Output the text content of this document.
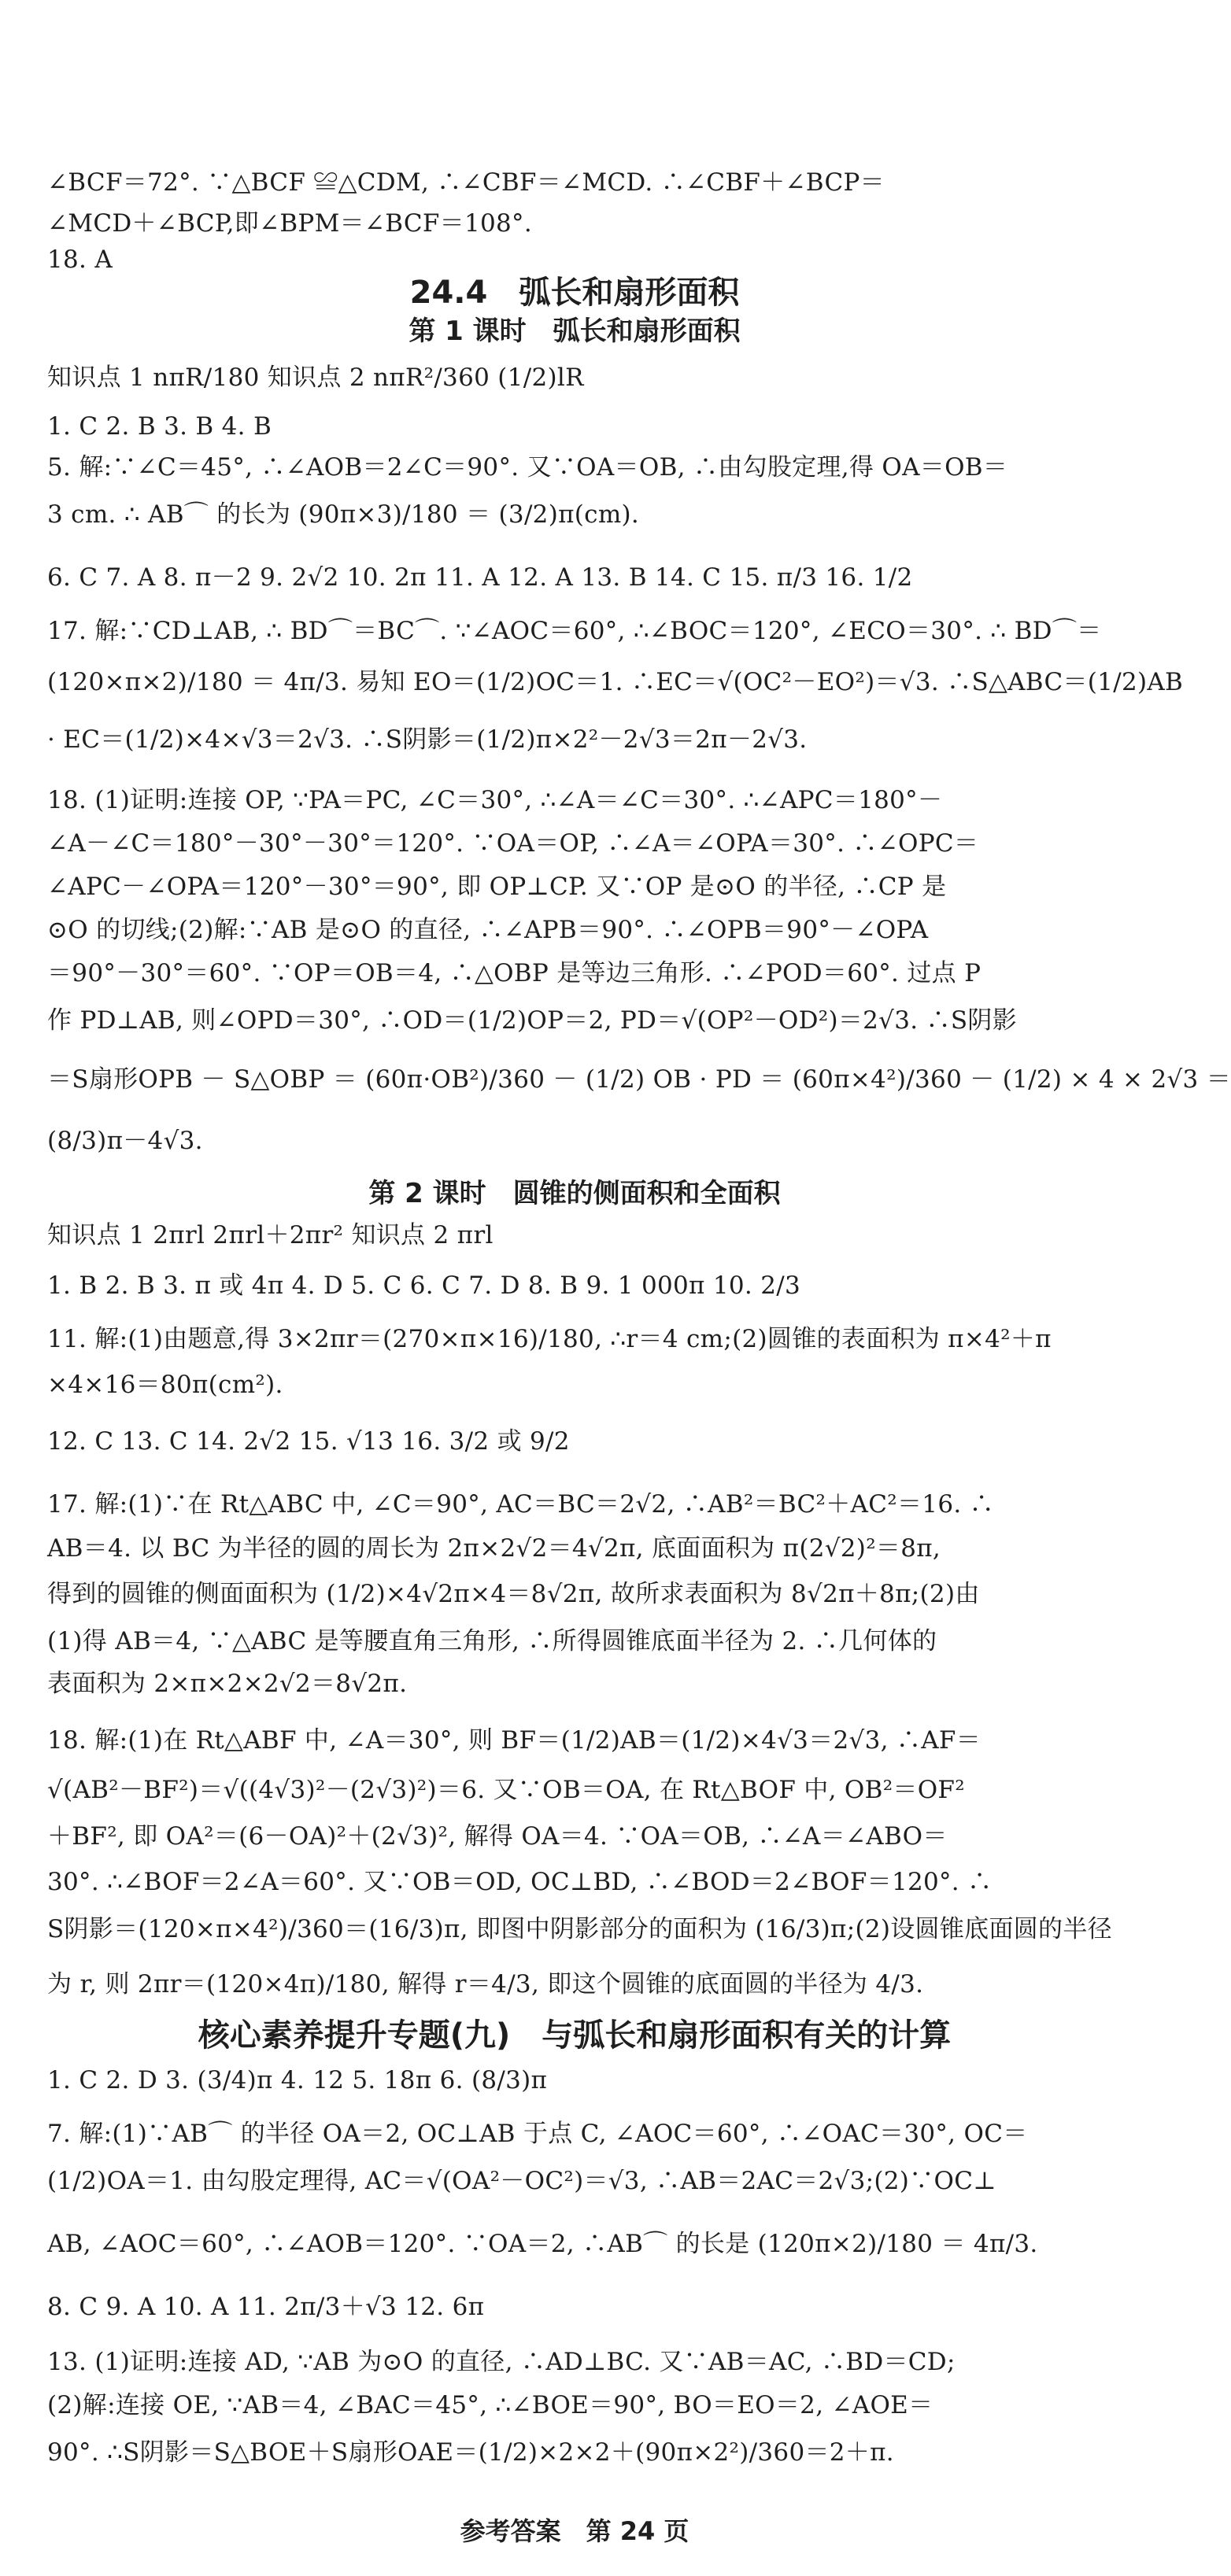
∠BCF＝72°. ∵△BCF ≌△CDM, ∴∠CBF＝∠MCD. ∴∠CBF＋∠BCP＝
∠MCD＋∠BCP,即∠BPM＝∠BCF＝108°.
18. A
24.4　弧长和扇形面积
第 1 课时　弧长和扇形面积
知识点 1 nπR/180 知识点 2 nπR²/360 (1/2)lR
1. C 2. B 3. B 4. B
5. 解:∵∠C＝45°, ∴∠AOB＝2∠C＝90°. 又∵OA＝OB, ∴由勾股定理,得 OA＝OB＝
3 cm. ∴ AB⌒ 的长为 (90π×3)/180 ＝ (3/2)π(cm).
6. C 7. A 8. π－2 9. 2√2 10. 2π 11. A 12. A 13. B 14. C 15. π/3 16. 1/2
17. 解:∵CD⊥AB, ∴ BD⌒＝BC⌒. ∵∠AOC＝60°, ∴∠BOC＝120°, ∠ECO＝30°. ∴ BD⌒＝
(120×π×2)/180 ＝ 4π/3. 易知 EO＝(1/2)OC＝1. ∴EC＝√(OC²－EO²)＝√3. ∴S△ABC＝(1/2)AB
· EC＝(1/2)×4×√3＝2√3. ∴S阴影＝(1/2)π×2²－2√3＝2π－2√3.
18. (1)证明:连接 OP, ∵PA＝PC, ∠C＝30°, ∴∠A＝∠C＝30°. ∴∠APC＝180°－
∠A－∠C＝180°－30°－30°＝120°. ∵OA＝OP, ∴∠A＝∠OPA＝30°. ∴∠OPC＝
∠APC－∠OPA＝120°－30°＝90°, 即 OP⊥CP. 又∵OP 是⊙O 的半径, ∴CP 是
⊙O 的切线;(2)解:∵AB 是⊙O 的直径, ∴∠APB＝90°. ∴∠OPB＝90°－∠OPA
＝90°－30°＝60°. ∵OP＝OB＝4, ∴△OBP 是等边三角形. ∴∠POD＝60°. 过点 P
作 PD⊥AB, 则∠OPD＝30°, ∴OD＝(1/2)OP＝2, PD＝√(OP²－OD²)＝2√3. ∴S阴影
＝S扇形OPB － S△OBP ＝ (60π·OB²)/360 － (1/2) OB · PD ＝ (60π×4²)/360 － (1/2) × 4 × 2√3 ＝
(8/3)π－4√3.
第 2 课时　圆锥的侧面积和全面积
知识点 1 2πrl 2πrl＋2πr² 知识点 2 πrl
1. B 2. B 3. π 或 4π 4. D 5. C 6. C 7. D 8. B 9. 1 000π 10. 2/3
11. 解:(1)由题意,得 3×2πr＝(270×π×16)/180, ∴r＝4 cm;(2)圆锥的表面积为 π×4²＋π
×4×16＝80π(cm²).
12. C 13. C 14. 2√2 15. √13 16. 3/2 或 9/2
17. 解:(1)∵在 Rt△ABC 中, ∠C＝90°, AC＝BC＝2√2, ∴AB²＝BC²＋AC²＝16. ∴
AB＝4. 以 BC 为半径的圆的周长为 2π×2√2＝4√2π, 底面面积为 π(2√2)²＝8π,
得到的圆锥的侧面面积为 (1/2)×4√2π×4＝8√2π, 故所求表面积为 8√2π＋8π;(2)由
(1)得 AB＝4, ∵△ABC 是等腰直角三角形, ∴所得圆锥底面半径为 2. ∴几何体的
表面积为 2×π×2×2√2＝8√2π.
18. 解:(1)在 Rt△ABF 中, ∠A＝30°, 则 BF＝(1/2)AB＝(1/2)×4√3＝2√3, ∴AF＝
√(AB²－BF²)＝√((4√3)²－(2√3)²)＝6. 又∵OB＝OA, 在 Rt△BOF 中, OB²＝OF²
＋BF², 即 OA²＝(6－OA)²＋(2√3)², 解得 OA＝4. ∵OA＝OB, ∴∠A＝∠ABO＝
30°. ∴∠BOF＝2∠A＝60°. 又∵OB＝OD, OC⊥BD, ∴∠BOD＝2∠BOF＝120°. ∴
S阴影＝(120×π×4²)/360＝(16/3)π, 即图中阴影部分的面积为 (16/3)π;(2)设圆锥底面圆的半径
为 r, 则 2πr＝(120×4π)/180, 解得 r＝4/3, 即这个圆锥的底面圆的半径为 4/3.
核心素养提升专题(九)　与弧长和扇形面积有关的计算
1. C 2. D 3. (3/4)π 4. 12 5. 18π 6. (8/3)π
7. 解:(1)∵AB⌒ 的半径 OA＝2, OC⊥AB 于点 C, ∠AOC＝60°, ∴∠OAC＝30°, OC＝
(1/2)OA＝1. 由勾股定理得, AC＝√(OA²－OC²)＝√3, ∴AB＝2AC＝2√3;(2)∵OC⊥
AB, ∠AOC＝60°, ∴∠AOB＝120°. ∵OA＝2, ∴AB⌒ 的长是 (120π×2)/180 ＝ 4π/3.
8. C 9. A 10. A 11. 2π/3＋√3 12. 6π
13. (1)证明:连接 AD, ∵AB 为⊙O 的直径, ∴AD⊥BC. 又∵AB＝AC, ∴BD＝CD;
(2)解:连接 OE, ∵AB＝4, ∠BAC＝45°, ∴∠BOE＝90°, BO＝EO＝2, ∠AOE＝
90°. ∴S阴影＝S△BOE＋S扇形OAE＝(1/2)×2×2＋(90π×2²)/360＝2＋π.
参考答案　第 24 页
